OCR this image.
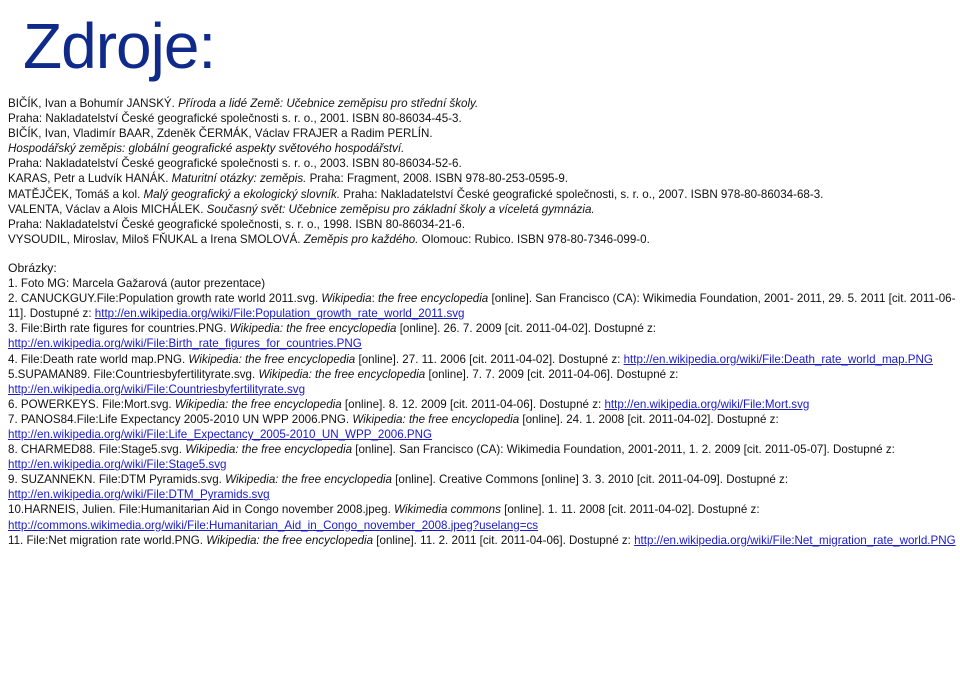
Zdroje:
BIČÍK, Ivan a Bohumír JANSKÝ. Příroda a lidé Země: Učebnice zeměpisu pro střední školy.
Praha: Nakladatelství České geografické společnosti s. r. o., 2001. ISBN 80-86034-45-3.
BIČÍK, Ivan, Vladimír BAAR, Zdeněk ČERMÁK, Václav FRAJER a Radim PERLÍN.
Hospodářský zeměpis: globální geografické aspekty světového hospodářství.
Praha: Nakladatelství České geografické společnosti s. r. o., 2003. ISBN 80-86034-52-6.
KARAS, Petr a Ludvík HANÁK. Maturitní otázky: zeměpis. Praha: Fragment, 2008. ISBN 978-80-253-0595-9.
MATĚJČEK, Tomáš a kol. Malý geografický a ekologický slovník. Praha: Nakladatelství České geografické společnosti, s. r. o., 2007. ISBN 978-80-86034-68-3.
VALENTA, Václav a Alois MICHÁLEK. Současný svět: Učebnice zeměpisu pro základní školy a víceletá gymnázia.
Praha: Nakladatelství České geografické společnosti, s. r. o., 1998. ISBN 80-86034-21-6.
VYSOUDIL, Miroslav, Miloš FŇUKAL a Irena SMOLOVÁ. Zeměpis pro každého. Olomouc: Rubico. ISBN 978-80-7346-099-0.
Obrázky:
1. Foto MG: Marcela Gažarová (autor prezentace)
2. CANUCKGUY.File:Population growth rate world 2011.svg. Wikipedia: the free encyclopedia [online]. San Francisco (CA): Wikimedia Foundation, 2001- 2011, 29. 5. 2011 [cit. 2011-06-11]. Dostupné z: http://en.wikipedia.org/wiki/File:Population_growth_rate_world_2011.svg
3. File:Birth rate figures for countries.PNG. Wikipedia: the free encyclopedia [online]. 26. 7. 2009 [cit. 2011-04-02]. Dostupné z: http://en.wikipedia.org/wiki/File:Birth_rate_figures_for_countries.PNG
4. File:Death rate world map.PNG. Wikipedia: the free encyclopedia [online]. 27. 11. 2006 [cit. 2011-04-02]. Dostupné z: http://en.wikipedia.org/wiki/File:Death_rate_world_map.PNG
5.SUPAMAN89. File:Countriesbyfertilityrate.svg. Wikipedia: the free encyclopedia [online]. 7. 7. 2009 [cit. 2011-04-06]. Dostupné z: http://en.wikipedia.org/wiki/File:Countriesbyfertilityrate.svg
6. POWERKEYS. File:Mort.svg. Wikipedia: the free encyclopedia [online]. 8. 12. 2009 [cit. 2011-04-06]. Dostupné z: http://en.wikipedia.org/wiki/File:Mort.svg
7. PANOS84.File:Life Expectancy 2005-2010 UN WPP 2006.PNG. Wikipedia: the free encyclopedia [online]. 24. 1. 2008 [cit. 2011-04-02]. Dostupné z: http://en.wikipedia.org/wiki/File:Life_Expectancy_2005-2010_UN_WPP_2006.PNG
8. CHARMED88. File:Stage5.svg. Wikipedia: the free encyclopedia [online]. San Francisco (CA): Wikimedia Foundation, 2001-2011, 1. 2. 2009 [cit. 2011-05-07]. Dostupné z: http://en.wikipedia.org/wiki/File:Stage5.svg
9. SUZANNEKN. File:DTM Pyramids.svg. Wikipedia: the free encyclopedia [online]. Creative Commons [online] 3. 3. 2010 [cit. 2011-04-09]. Dostupné z: http://en.wikipedia.org/wiki/File:DTM_Pyramids.svg
10.HARNEIS, Julien. File:Humanitarian Aid in Congo november 2008.jpeg. Wikimedia commons [online]. 1. 11. 2008 [cit. 2011-04-02]. Dostupné z: http://commons.wikimedia.org/wiki/File:Humanitarian_Aid_in_Congo_november_2008.jpeg?uselang=cs
11. File:Net migration rate world.PNG. Wikipedia: the free encyclopedia [online]. 11. 2. 2011 [cit. 2011-04-06]. Dostupné z: http://en.wikipedia.org/wiki/File:Net_migration_rate_world.PNG
